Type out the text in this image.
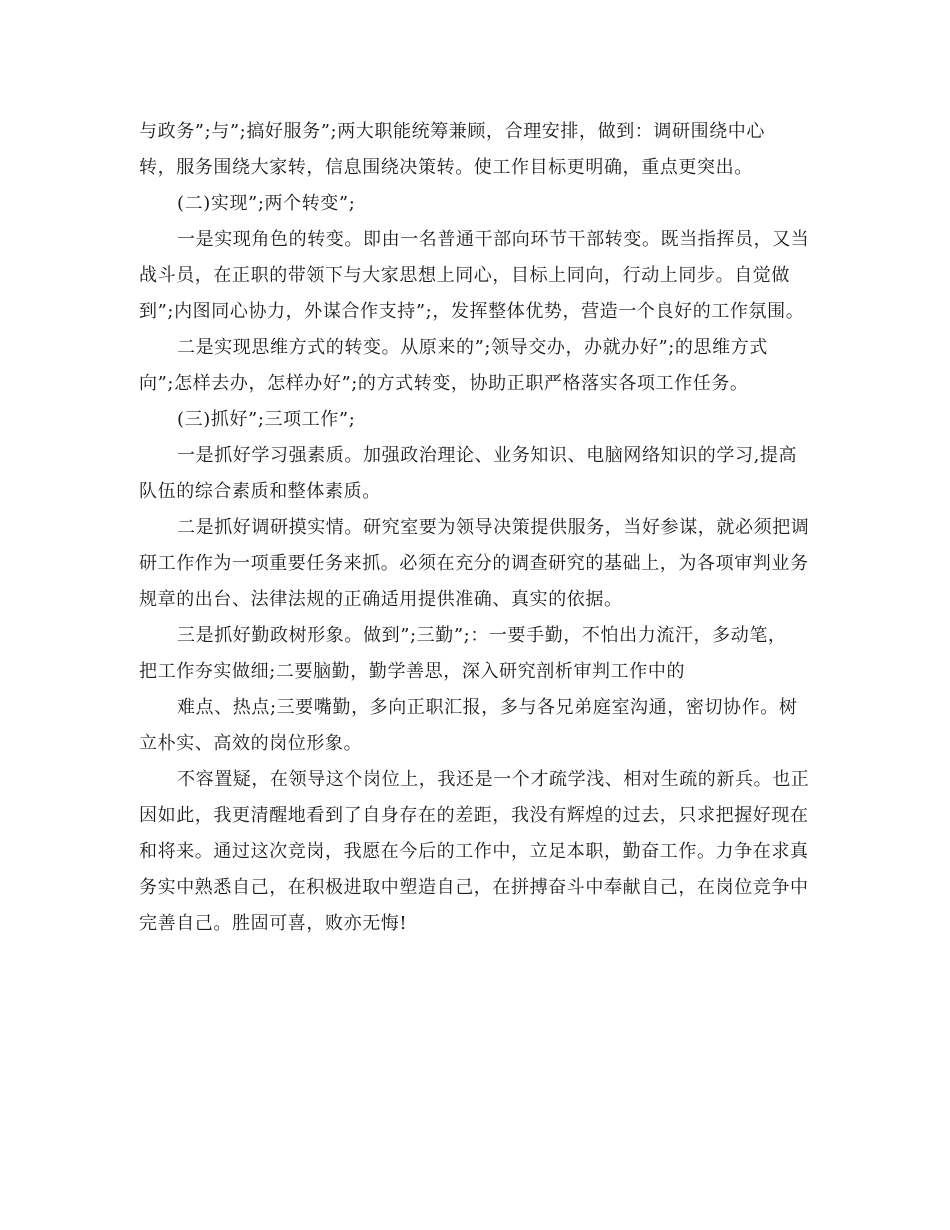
与政务”;与”;搞好服务”;两大职能统筹兼顾，合理安排，做到：调研围绕中心
转，服务围绕大家转，信息围绕决策转。使工作目标更明确，重点更突出。
(二)实现”;两个转变”;
一是实现角色的转变。即由一名普通干部向环节干部转变。既当指挥员，又当
战斗员，在正职的带领下与大家思想上同心，目标上同向，行动上同步。自觉做
到”;内图同心协力，外谋合作支持”;，发挥整体优势，营造一个良好的工作氛围。
二是实现思维方式的转变。从原来的”;领导交办，办就办好”;的思维方式
向”;怎样去办，怎样办好”;的方式转变，协助正职严格落实各项工作任务。
(三)抓好”;三项工作”;
一是抓好学习强素质。加强政治理论、业务知识、电脑网络知识的学习,提高
队伍的综合素质和整体素质。
二是抓好调研摸实情。研究室要为领导决策提供服务，当好参谋，就必须把调
研工作作为一项重要任务来抓。必须在充分的调查研究的基础上，为各项审判业务
规章的出台、法律法规的正确适用提供准确、真实的依据。
三是抓好勤政树形象。做到”;三勤”;：一要手勤，不怕出力流汗，多动笔，
把工作夯实做细;二要脑勤，勤学善思，深入研究剖析审判工作中的
难点、热点;三要嘴勤，多向正职汇报，多与各兄弟庭室沟通，密切协作。树
立朴实、高效的岗位形象。
不容置疑，在领导这个岗位上，我还是一个才疏学浅、相对生疏的新兵。也正
因如此，我更清醒地看到了自身存在的差距，我没有辉煌的过去，只求把握好现在
和将来。通过这次竞岗，我愿在今后的工作中，立足本职，勤奋工作。力争在求真
务实中熟悉自己，在积极进取中塑造自己，在拼搏奋斗中奉献自己，在岗位竞争中
完善自己。胜固可喜，败亦无悔!
